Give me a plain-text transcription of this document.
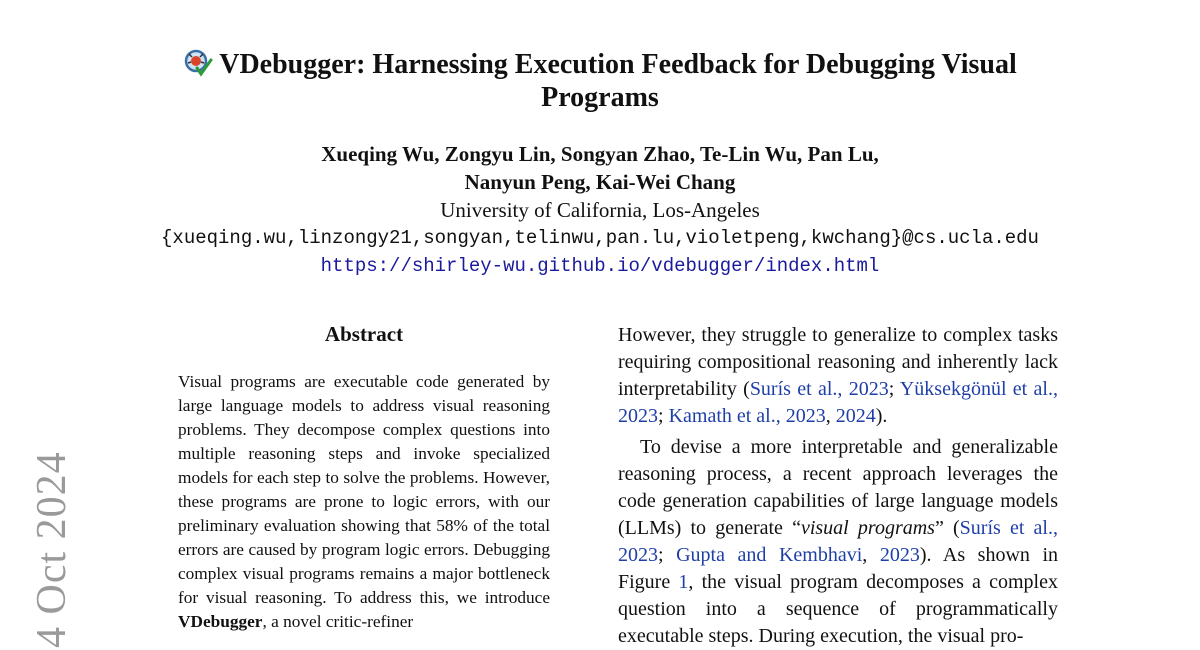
4 Oct 2024
VDebugger: Harnessing Execution Feedback for Debugging Visual Programs
Xueqing Wu, Zongyu Lin, Songyan Zhao, Te-Lin Wu, Pan Lu,
Nanyun Peng, Kai-Wei Chang
University of California, Los-Angeles
{xueqing.wu,linzongy21,songyan,telinwu,pan.lu,violetpeng,kwchang}@cs.ucla.edu
https://shirley-wu.github.io/vdebugger/index.html
Abstract
Visual programs are executable code generated by large language models to address visual reasoning problems. They decompose complex questions into multiple reasoning steps and invoke specialized models for each step to solve the problems. However, these programs are prone to logic errors, with our preliminary evaluation showing that 58% of the total errors are caused by program logic errors. Debugging complex visual programs remains a major bottleneck for visual reasoning. To address this, we introduce VDebugger, a novel critic-refiner

However, they struggle to generalize to complex tasks requiring compositional reasoning and inherently lack interpretability (Surís et al., 2023; Yüksekgönül et al., 2023; Kamath et al., 2023, 2024).

To devise a more interpretable and generalizable reasoning process, a recent approach leverages the code generation capabilities of large language models (LLMs) to generate “visual programs” (Surís et al., 2023; Gupta and Kembhavi, 2023). As shown in Figure 1, the visual program decomposes a complex question into a sequence of programmatically executable steps. During execution, the visual pro-
